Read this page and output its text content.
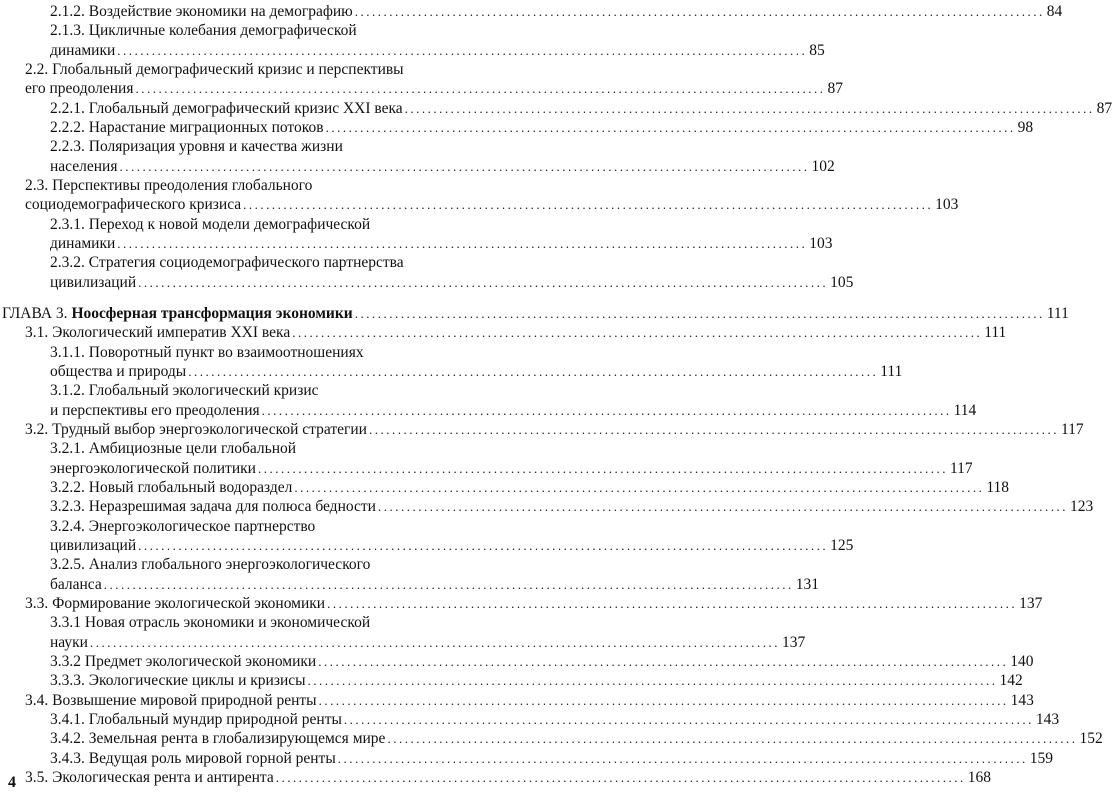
2.1.2. Воздействие экономики на демографию ........................................................................................................................ 84
2.1.3. Цикличные колебания демографической
динамики ........................................................................................................................ 85
2.2. Глобальный демографический кризис и перспективы
его преодоления ........................................................................................................................ 87
2.2.1. Глобальный демографический кризис XXI века ........................................................................................................................ 87
2.2.2. Нарастание миграционных потоков ........................................................................................................................ 98
2.2.3. Поляризация уровня и качества жизни
населения ........................................................................................................................ 102
2.3. Перспективы преодоления глобального
социодемографического кризиса ........................................................................................................................ 103
2.3.1. Переход к новой модели демографической
динамики ........................................................................................................................ 103
2.3.2. Стратегия социодемографического партнерства
цивилизаций ........................................................................................................................ 105
ГЛАВА 3. Ноосферная трансформация экономики ........................................................................................................................ 111
3.1. Экологический императив XXI века ........................................................................................................................ 111
3.1.1. Поворотный пункт во взаимоотношениях
общества и природы ........................................................................................................................ 111
3.1.2. Глобальный экологический кризис
и перспективы его преодоления ........................................................................................................................ 114
3.2. Трудный выбор энергоэкологической стратегии ........................................................................................................................ 117
3.2.1. Амбициозные цели глобальной
энергоэкологической политики ........................................................................................................................ 117
3.2.2. Новый глобальный водораздел ........................................................................................................................ 118
3.2.3. Неразрешимая задача для полюса бедности ........................................................................................................................ 123
3.2.4. Энергоэкологическое партнерство
цивилизаций ........................................................................................................................ 125
3.2.5. Анализ глобального энергоэкологического
баланса ........................................................................................................................ 131
3.3. Формирование экологической экономики ........................................................................................................................ 137
3.3.1 Новая отрасль экономики и экономической
науки ........................................................................................................................ 137
3.3.2 Предмет экологической экономики ........................................................................................................................ 140
3.3.3. Экологические циклы и кризисы ........................................................................................................................ 142
3.4. Возвышение мировой природной ренты ........................................................................................................................ 143
3.4.1. Глобальный мундир природной ренты ........................................................................................................................ 143
3.4.2. Земельная рента в глобализирующемся мире ........................................................................................................................ 152
3.4.3. Ведущая роль мировой горной ренты ........................................................................................................................ 159
3.5. Экологическая рента и антирента ........................................................................................................................ 168
4
